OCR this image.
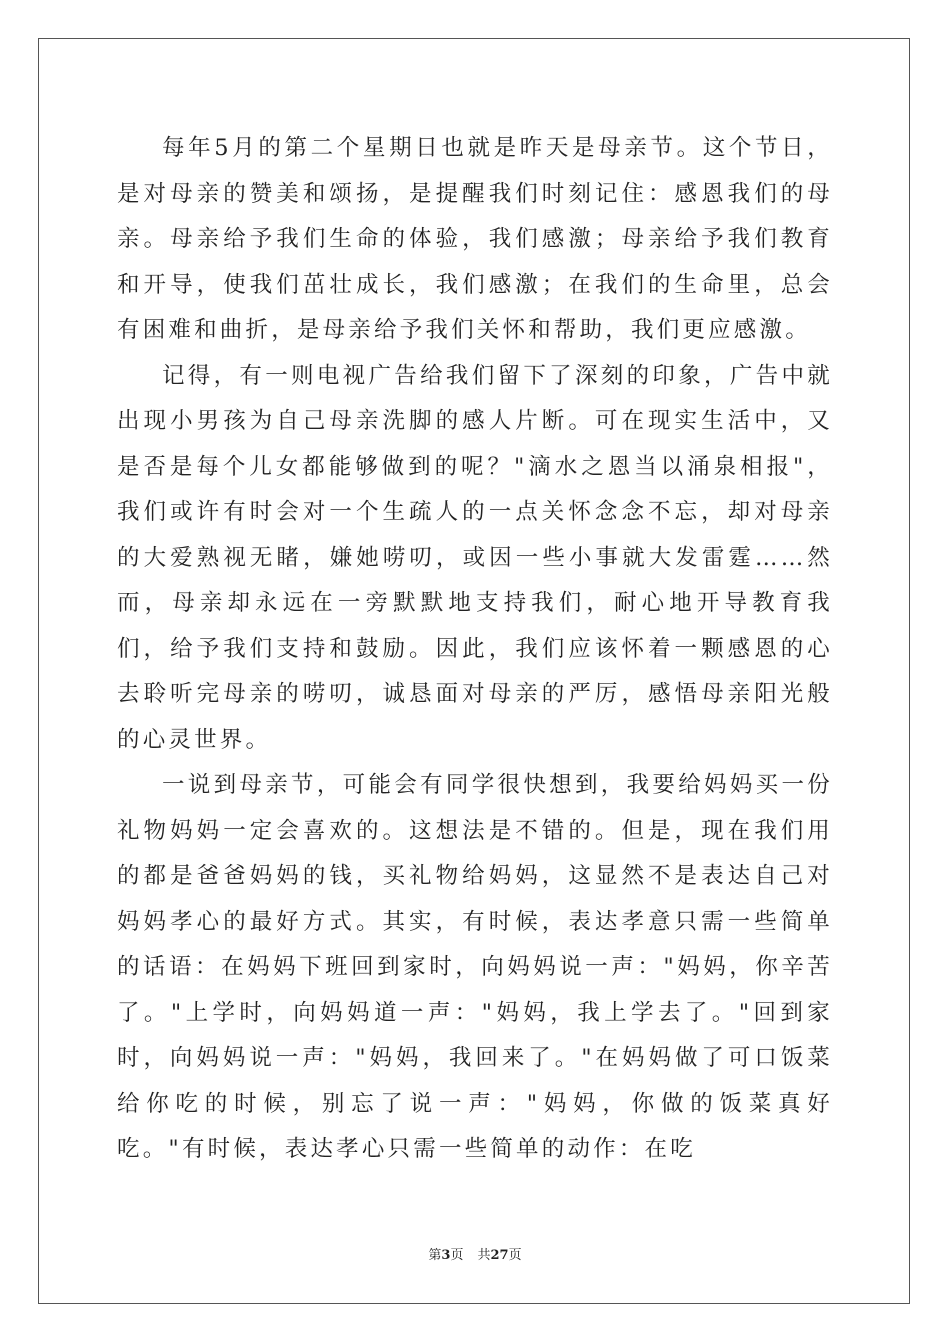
每年5月的第二个星期日也就是昨天是母亲节。这个节日，是对母亲的赞美和颂扬，是提醒我们时刻记住：感恩我们的母亲。母亲给予我们生命的体验，我们感激；母亲给予我们教育和开导，使我们茁壮成长，我们感激；在我们的生命里，总会有困难和曲折，是母亲给予我们关怀和帮助，我们更应感激。

记得，有一则电视广告给我们留下了深刻的印象，广告中就出现小男孩为自己母亲洗脚的感人片断。可在现实生活中，又是否是每个儿女都能够做到的呢？"滴水之恩当以涌泉相报"，我们或许有时会对一个生疏人的一点关怀念念不忘，却对母亲的大爱熟视无睹，嫌她唠叨，或因一些小事就大发雷霆……然而，母亲却永远在一旁默默地支持我们，耐心地开导教育我们，给予我们支持和鼓励。因此，我们应该怀着一颗感恩的心去聆听完母亲的唠叨，诚恳面对母亲的严厉，感悟母亲阳光般的心灵世界。

一说到母亲节，可能会有同学很快想到，我要给妈妈买一份礼物妈妈一定会喜欢的。这想法是不错的。但是，现在我们用的都是爸爸妈妈的钱，买礼物给妈妈，这显然不是表达自己对妈妈孝心的最好方式。其实，有时候，表达孝意只需一些简单的话语：在妈妈下班回到家时，向妈妈说一声："妈妈，你辛苦了。"上学时，向妈妈道一声："妈妈，我上学去了。"回到家时，向妈妈说一声："妈妈，我回来了。"在妈妈做了可口饭菜给你吃的时候，别忘了说一声："妈妈，你做的饭菜真好吃。"有时候，表达孝心只需一些简单的动作：在吃

第3页 共27页
